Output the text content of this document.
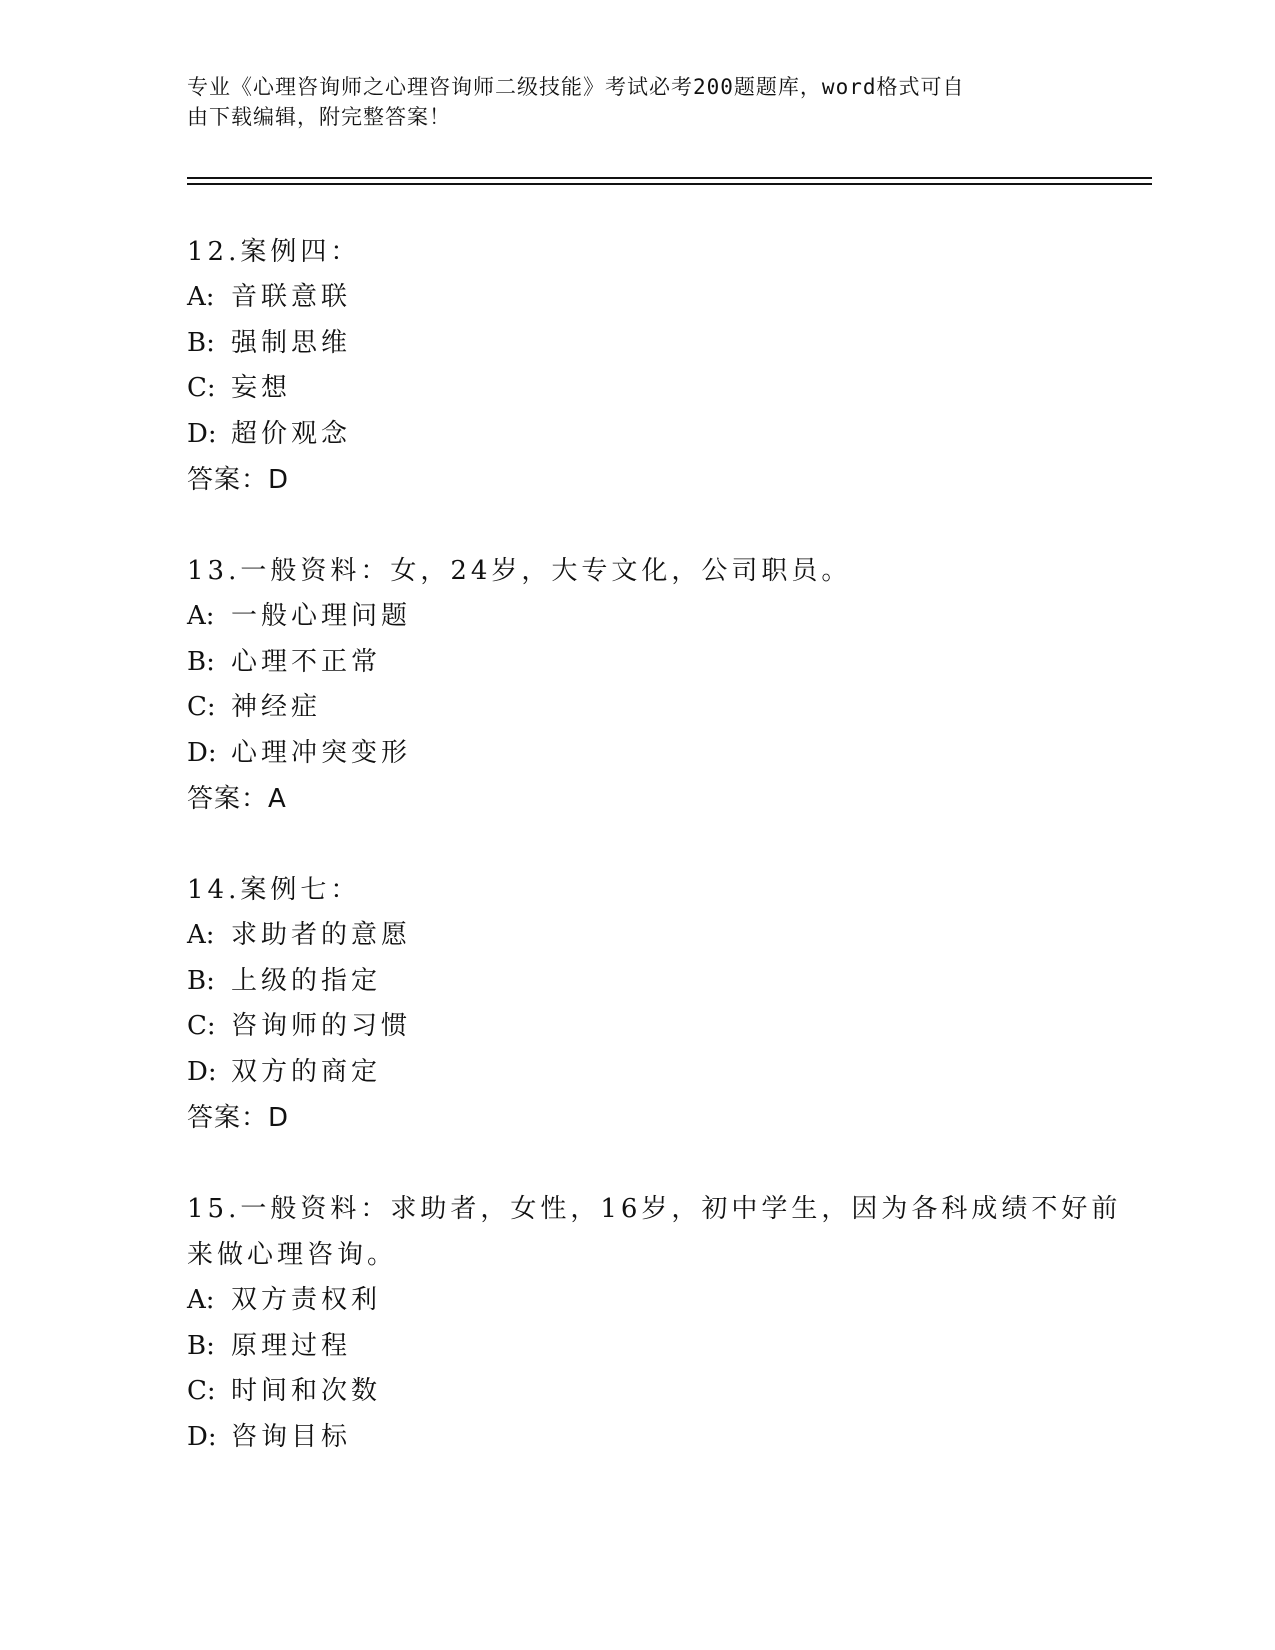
专业《心理咨询师之心理咨询师二级技能》考试必考200题题库，word格式可自
由下载编辑，附完整答案！
12.案例四：
A: 音联意联
B: 强制思维
C: 妄想
D: 超价观念
答案：D
13.一般资料：女，24岁，大专文化，公司职员。
A: 一般心理问题
B: 心理不正常
C: 神经症
D: 心理冲突变形
答案：A
14.案例七：
A: 求助者的意愿
B: 上级的指定
C: 咨询师的习惯
D: 双方的商定
答案：D
15.一般资料：求助者，女性，16岁，初中学生，因为各科成绩不好前
来做心理咨询。
A: 双方责权利
B: 原理过程
C: 时间和次数
D: 咨询目标
